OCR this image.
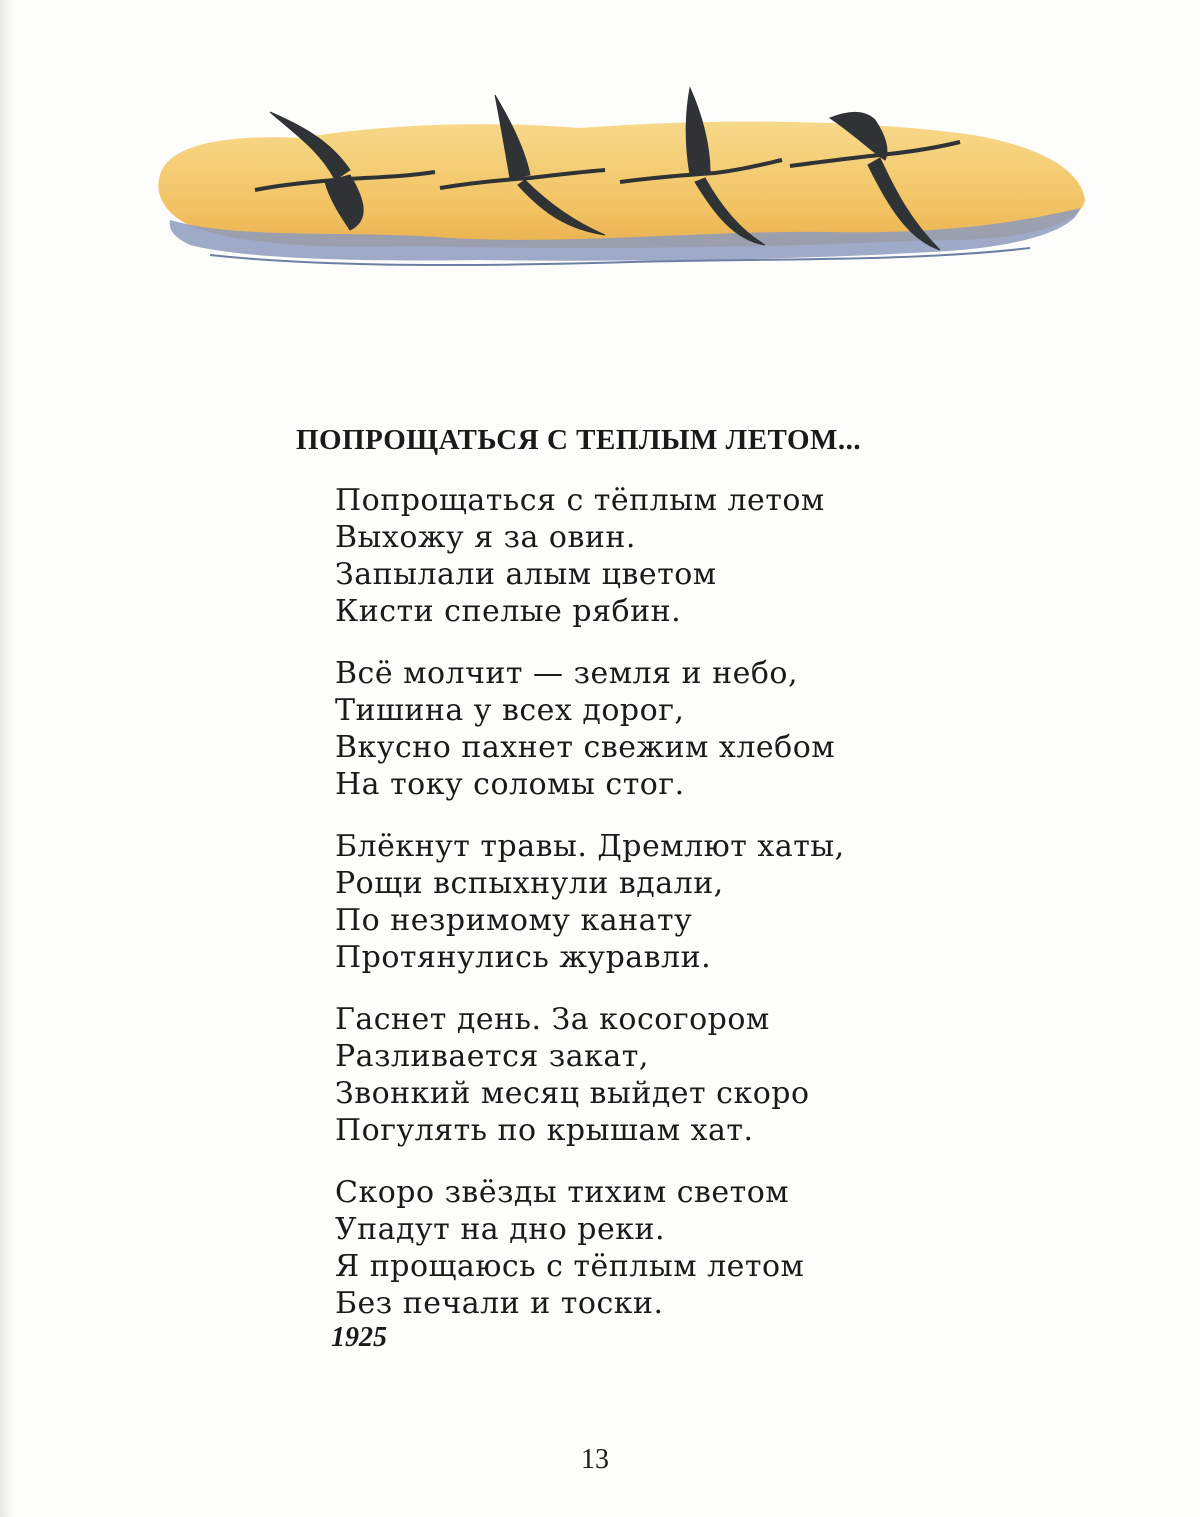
ПОПРОЩАТЬСЯ С ТЕПЛЫМ ЛЕТОМ...
Попрощаться с тёплым летом
Выхожу я за овин.
Запылали алым цветом
Кисти спелые рябин.
Всё молчит — земля и небо,
Тишина у всех дорог,
Вкусно пахнет свежим хлебом
На току соломы стог.
Блёкнут травы. Дремлют хаты,
Рощи вспыхнули вдали,
По незримому канату
Протянулись журавли.
Гаснет день. За косогором
Разливается закат,
Звонкий месяц выйдет скоро
Погулять по крышам хат.
Скоро звёзды тихим светом
Упадут на дно реки.
Я прощаюсь с тёплым летом
Без печали и тоски.
1925
13
